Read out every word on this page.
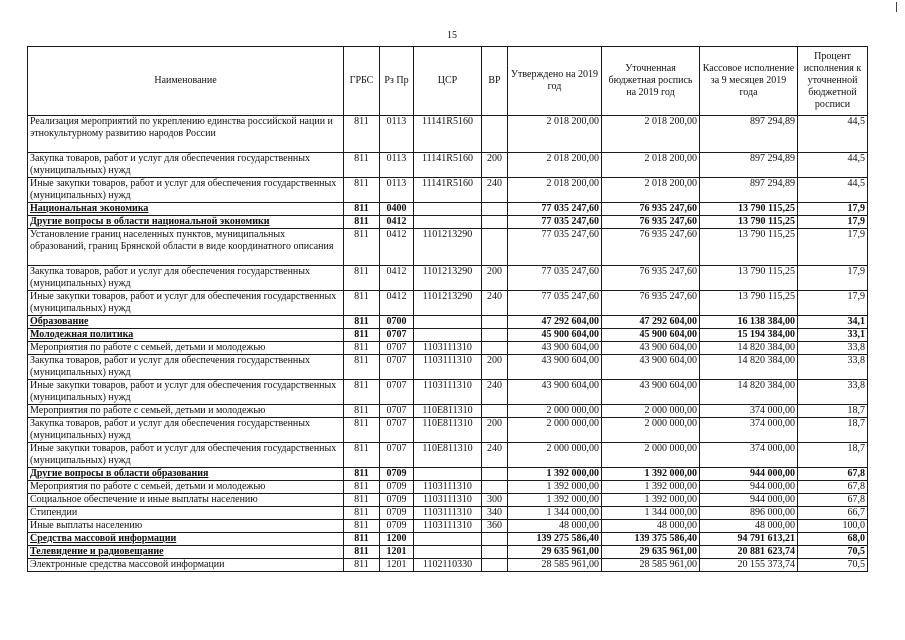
15
Наименование	ГРБС	Рз Пр	ЦСР	ВР	Утверждено на 2019 год	Уточненная бюджетная роспись на 2019 год	Кассовое исполнение за 9 месяцев 2019 года	Процент исполнения к уточненной бюджетной росписи
Реализация мероприятий по укреплению единства российской нации и этнокультурному развитию народов России	811	0113	11141R5160		2 018 200,00	2 018 200,00	897 294,89	44,5
Закупка товаров, работ и услуг для обеспечения государственных (муниципальных) нужд	811	0113	11141R5160	200	2 018 200,00	2 018 200,00	897 294,89	44,5
Иные закупки товаров, работ и услуг для обеспечения государственных (муниципальных) нужд	811	0113	11141R5160	240	2 018 200,00	2 018 200,00	897 294,89	44,5
Национальная экономика	811	0400			77 035 247,60	76 935 247,60	13 790 115,25	17,9
Другие вопросы в области национальной экономики	811	0412			77 035 247,60	76 935 247,60	13 790 115,25	17,9
Установление границ населенных пунктов, муниципальных образований, границ Брянской области в виде координатного описания	811	0412	1101213290		77 035 247,60	76 935 247,60	13 790 115,25	17,9
Закупка товаров, работ и услуг для обеспечения государственных (муниципальных) нужд	811	0412	1101213290	200	77 035 247,60	76 935 247,60	13 790 115,25	17,9
Иные закупки товаров, работ и услуг для обеспечения государственных (муниципальных) нужд	811	0412	1101213290	240	77 035 247,60	76 935 247,60	13 790 115,25	17,9
Образование	811	0700			47 292 604,00	47 292 604,00	16 138 384,00	34,1
Молодежная политика	811	0707			45 900 604,00	45 900 604,00	15 194 384,00	33,1
Мероприятия по работе с семьей, детьми и молодежью	811	0707	1103111310		43 900 604,00	43 900 604,00	14 820 384,00	33,8
Закупка товаров, работ и услуг для обеспечения государственных (муниципальных) нужд	811	0707	1103111310	200	43 900 604,00	43 900 604,00	14 820 384,00	33,8
Иные закупки товаров, работ и услуг для обеспечения государственных (муниципальных) нужд	811	0707	1103111310	240	43 900 604,00	43 900 604,00	14 820 384,00	33,8
Мероприятия по работе с семьей, детьми и молодежью	811	0707	110E811310		2 000 000,00	2 000 000,00	374 000,00	18,7
Закупка товаров, работ и услуг для обеспечения государственных (муниципальных) нужд	811	0707	110E811310	200	2 000 000,00	2 000 000,00	374 000,00	18,7
Иные закупки товаров, работ и услуг для обеспечения государственных (муниципальных) нужд	811	0707	110E811310	240	2 000 000,00	2 000 000,00	374 000,00	18,7
Другие вопросы в области образования	811	0709			1 392 000,00	1 392 000,00	944 000,00	67,8
Мероприятия по работе с семьей, детьми и молодежью	811	0709	1103111310		1 392 000,00	1 392 000,00	944 000,00	67,8
Социальное обеспечение и иные выплаты населению	811	0709	1103111310	300	1 392 000,00	1 392 000,00	944 000,00	67,8
Стипендии	811	0709	1103111310	340	1 344 000,00	1 344 000,00	896 000,00	66,7
Иные выплаты населению	811	0709	1103111310	360	48 000,00	48 000,00	48 000,00	100,0
Средства массовой информации	811	1200			139 275 586,40	139 375 586,40	94 791 613,21	68,0
Телевидение и радиовещание	811	1201			29 635 961,00	29 635 961,00	20 881 623,74	70,5
Электронные средства массовой информации	811	1201	1102110330		28 585 961,00	28 585 961,00	20 155 373,74	70,5
